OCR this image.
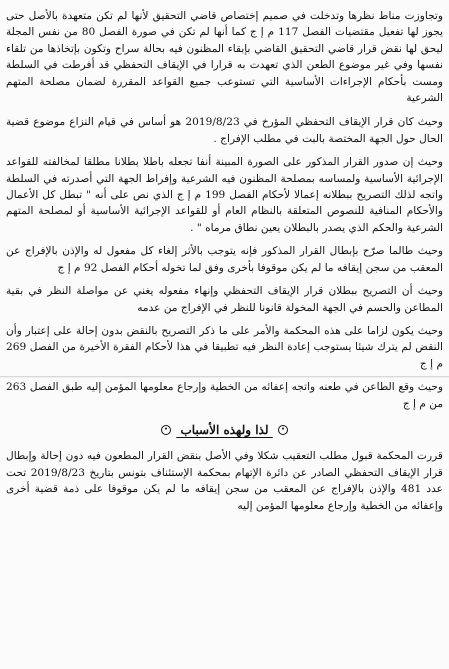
وتجاوزت مناط نظرها وتدخلت في صميم إختصاص قاضي التحقيق لأنها لم تكن متعهدة بالأصل حتى يجوز لها تفعيل مقتضيات الفصل 117 م إ ج كما أنها لم تكن في صورة الفصل 80 من نفس المجلة ليحق لها نقض قرار قاضي التحقيق القاضي بإبقاء المظنون فيه بحالة سراح وتكون بإتخاذها من تلقاء نفسها وفي غير موضوع الطعن الذي تعهدت به قرارا في الإيقاف التحفظي قد أفرطت في السلطة ومست بأحكام الإجراءات الأساسية التي تستوعب جميع القواعد المقررة لضمان مصلحة المتهم الشرعية

وحيث كان قرار الإيقاف التحفظي المؤرخ في 2019/8/23 هو أساس في قيام النزاع موضوع قضية الحال حول الجهة المختصة بالبت في مطلب الإفراج .

وحيث إن صدور القرار المذكور على الصورة المبينة أنفا تجعله باطلا بطلانا مطلقا لمخالفته للقواعد الإجرائية الأساسية ولمساسه بمصلحة المظنون فيه الشرعية وإفراط الجهة التي أصدرته في السلطة واتجه لذلك التصريح ببطلانه إعمالا لأحكام الفصل 199 م إ ج الذي نص على أنه " تبطل كل الأعمال والأحكام المنافية للنصوص المتعلقة بالنظام العام أو للقواعد الإجرائية الأساسية أو لمصلحة المتهم الشرعية والحكم الذي يصدر بالبطلان يعين نطاق مرماه " .

وحيث طالما صرّح بإبطال القرار المذكور فإنه يتوجب بالأثر إلغاء كل مفعول له والإذن بالإفراج عن المعقب من سجن إيقافه ما لم يكن موقوفا بأخرى وفق لما تخوله أحكام الفصل 92 م إ ج

وحيث أن التصريح ببطلان قرار الإيقاف التحفظي وإنهاء مفعوله يغني عن مواصلة النظر في بقية المطاعن والحسم في الجهة المخولة قانونا للنظر في الإفراج من عدمه

وحيث يكون لزاما على هذه المحكمة والأمر على ما ذكر التصريح بالنقض بدون إحالة على إعتبار وأن النقض لم يترك شيئا يستوجب إعادة النظر فيه تطبيقا في هذا لأحكام الفقرة الأخيرة من الفصل 269 م إ ج

وحيث وقع الطاعن في طعنه واتجه إعفائه من الخطية وإرجاع معلومها المؤمن إليه طبق الفصل 263 من م إ ج

لذا ولهذه الأسباب

قررت المحكمة قبول مطلب التعقيب شكلا وفي الأصل بنقض القرار المطعون فيه دون إحالة وإبطال قرار الإيقاف التحفظي الصادر عن دائرة الإتهام بمحكمة الإستئناف بتونس بتاريخ 2019/8/23 تحت عدد 481 والإذن بالإفراج عن المعقب من سجن إيقافه ما لم يكن موقوفا على ذمة قضية أخرى وإعفائه من الخطية وإرجاع معلومها المؤمن إليه
